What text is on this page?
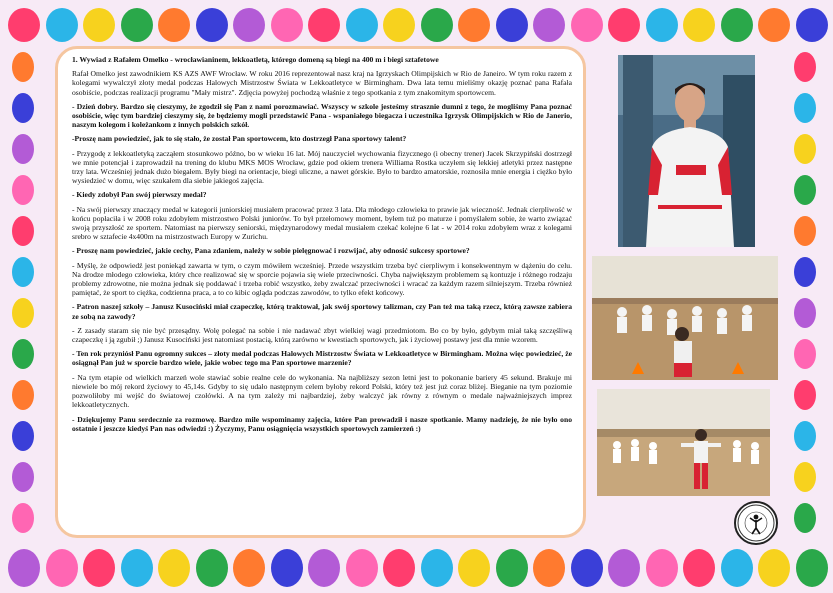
1. Wywiad z Rafałem Omelko - wrocławianinem, lekkoatletą, którego domeną są biegi na 400 m i biegi sztafetowe

Rafał Omelko jest zawodnikiem KS AZS AWF Wrocław. W roku 2016 reprezentował nasz kraj na Igrzyskach Olimpijskich w Rio de Janeiro. W tym roku razem z kolegami wywalczył złoty medal podczas Halowych Mistrzostw Świata w Lekkoatletyce w Birmingham. Dwa lata temu mieliśmy okazję poznać pana Rafała osobiście, podczas realizacji programu "Mały mistrz". Zdjęcia powyżej pochodzą właśnie z tego spotkania z tym znakomitym sportowcem.

- Dzień dobry. Bardzo się cieszymy, że zgodził się Pan z nami porozmawiać. Wszyscy w szkole jesteśmy strasznie dumni z tego, że mogliśmy Pana poznać osobiście, więc tym bardziej cieszymy się, że będziemy mogli przedstawić Pana - wspaniałego biegacza i uczestnika Igrzysk Olimpijskich w Rio de Janerio, naszym kolegom i koleżankom z innych polskich szkół.

-Proszę nam powiedzieć, jak to się stało, że został Pan sportowcem, kto dostrzegł Pana sportowy talent?

- Przygodę z lekkoatletyką zacząłem stosunkowo późno, bo w wieku 16 lat. Mój nauczyciel wychowania fizycznego (i obecny trener) Jacek Skrzypiński dostrzegł we mnie potencjał i zaprowadził na trening do klubu MKS MOS Wrocław, gdzie pod okiem trenera Williama Rostka uczyłem się lekkiej atletyki przez następne trzy lata. Wcześniej jednak dużo biegałem. Były biegi na orientacje, biegi uliczne, a nawet górskie. Było to bardzo amatorskie, roznosiła mnie energia i ciężko było wysiedzieć w domu, więc szukałem dla siebie jakiegoś zajęcia.

- Kiedy zdobył Pan swój pierwszy medal?

- Na swój pierwszy znaczący medal w kategorii juniorskiej musiałem pracować przez 3 lata. Dla młodego człowieka to prawie jak wieczność. Jednak cierpliwość w końcu popłaciła i w 2008 roku zdobyłem mistrzostwo Polski juniorów. To był przełomowy moment, byłem tuż po maturze i pomyślałem sobie, że warto związać swoją przyszłość ze sportem. Natomiast na pierwszy seniorski, międzynarodowy medal musiałem czekać kolejne 6 lat - w 2014 roku zdobyłem wraz z kolegami srebro w sztafecie 4x400m na mistrzostwach Europy w Zurichu.

- Proszę nam powiedzieć, jakie cechy, Pana zdaniem, należy w sobie pielęgnować i rozwijać, aby odnosić sukcesy sportowe?

- Myślę, że odpowiedź jest poniekąd zawarta w tym, o czym mówiłem wcześniej. Przede wszystkim trzeba być cierpliwym i konsekwentnym w dążeniu do celu. Na drodze młodego człowieka, który chce realizować się w sporcie pojawia się wiele przeciwności. Chyba największym problemem są kontuzje i różnego rodzaju problemy zdrowotne, nie można jednak się poddawać i trzeba robić wszystko, żeby zwalczać przeciwności i wracać za każdym razem silniejszym. Trzeba również pamiętać, że sport to ciężka, codzienna praca, a to co kibic ogląda podczas zawodów, to tylko efekt końcowy.

- Patron naszej szkoły – Janusz Kusociński miał czapeczkę, którą traktował, jak swój sportowy talizman, czy Pan też ma taką rzecz, którą zawsze zabiera ze sobą na zawody?

- Z zasady staram się nie być przesądny. Wolę polegać na sobie i nie nadawać zbyt wielkiej wagi przedmiotom. Bo co by było, gdybym miał taką szczęśliwą czapeczkę i ją zgubił ;) Janusz Kusociński jest natomiast postacią, którą zarówno w kwestiach sportowych, jak i życiowej postawy jest dla mnie wzorem.

- Ten rok przyniósł Panu ogromny sukces – złoty medal podczas Halowych Mistrzostw Świata w Lekkoatletyce w Birmingham. Można więc powiedzieć, że osiągnął Pan już w sporcie bardzo wiele, jakie wobec tego ma Pan sportowe marzenie?

- Na tym etapie od wielkich marzeń wole stawiać sobie realne cele do wykonania. Na najbliższy sezon letni jest to pokonanie bariery 45 sekund. Brakuje mi niewiele bo mój rekord życiowy to 45,14s. Gdyby to się udało następnym celem byłoby rekord Polski, który też jest już coraz bliżej. Bieganie na tym poziomie pozwoliłoby mi wejść do światowej czołówki. A na tym zależy mi najbardziej, żeby walczyć jak równy z równym o medale najważniejszych imprez lekkoatletycznych.

- Dziękujemy Panu serdecznie za rozmowę. Bardzo mile wspominamy zajęcia, które Pan prowadził i nasze spotkanie. Mamy nadzieję, że nie było ono ostatnie i jeszcze kiedyś Pan nas odwiedzi :) Życzymy, Panu osiągnięcia wszystkich sportowych zamierzeń :)
